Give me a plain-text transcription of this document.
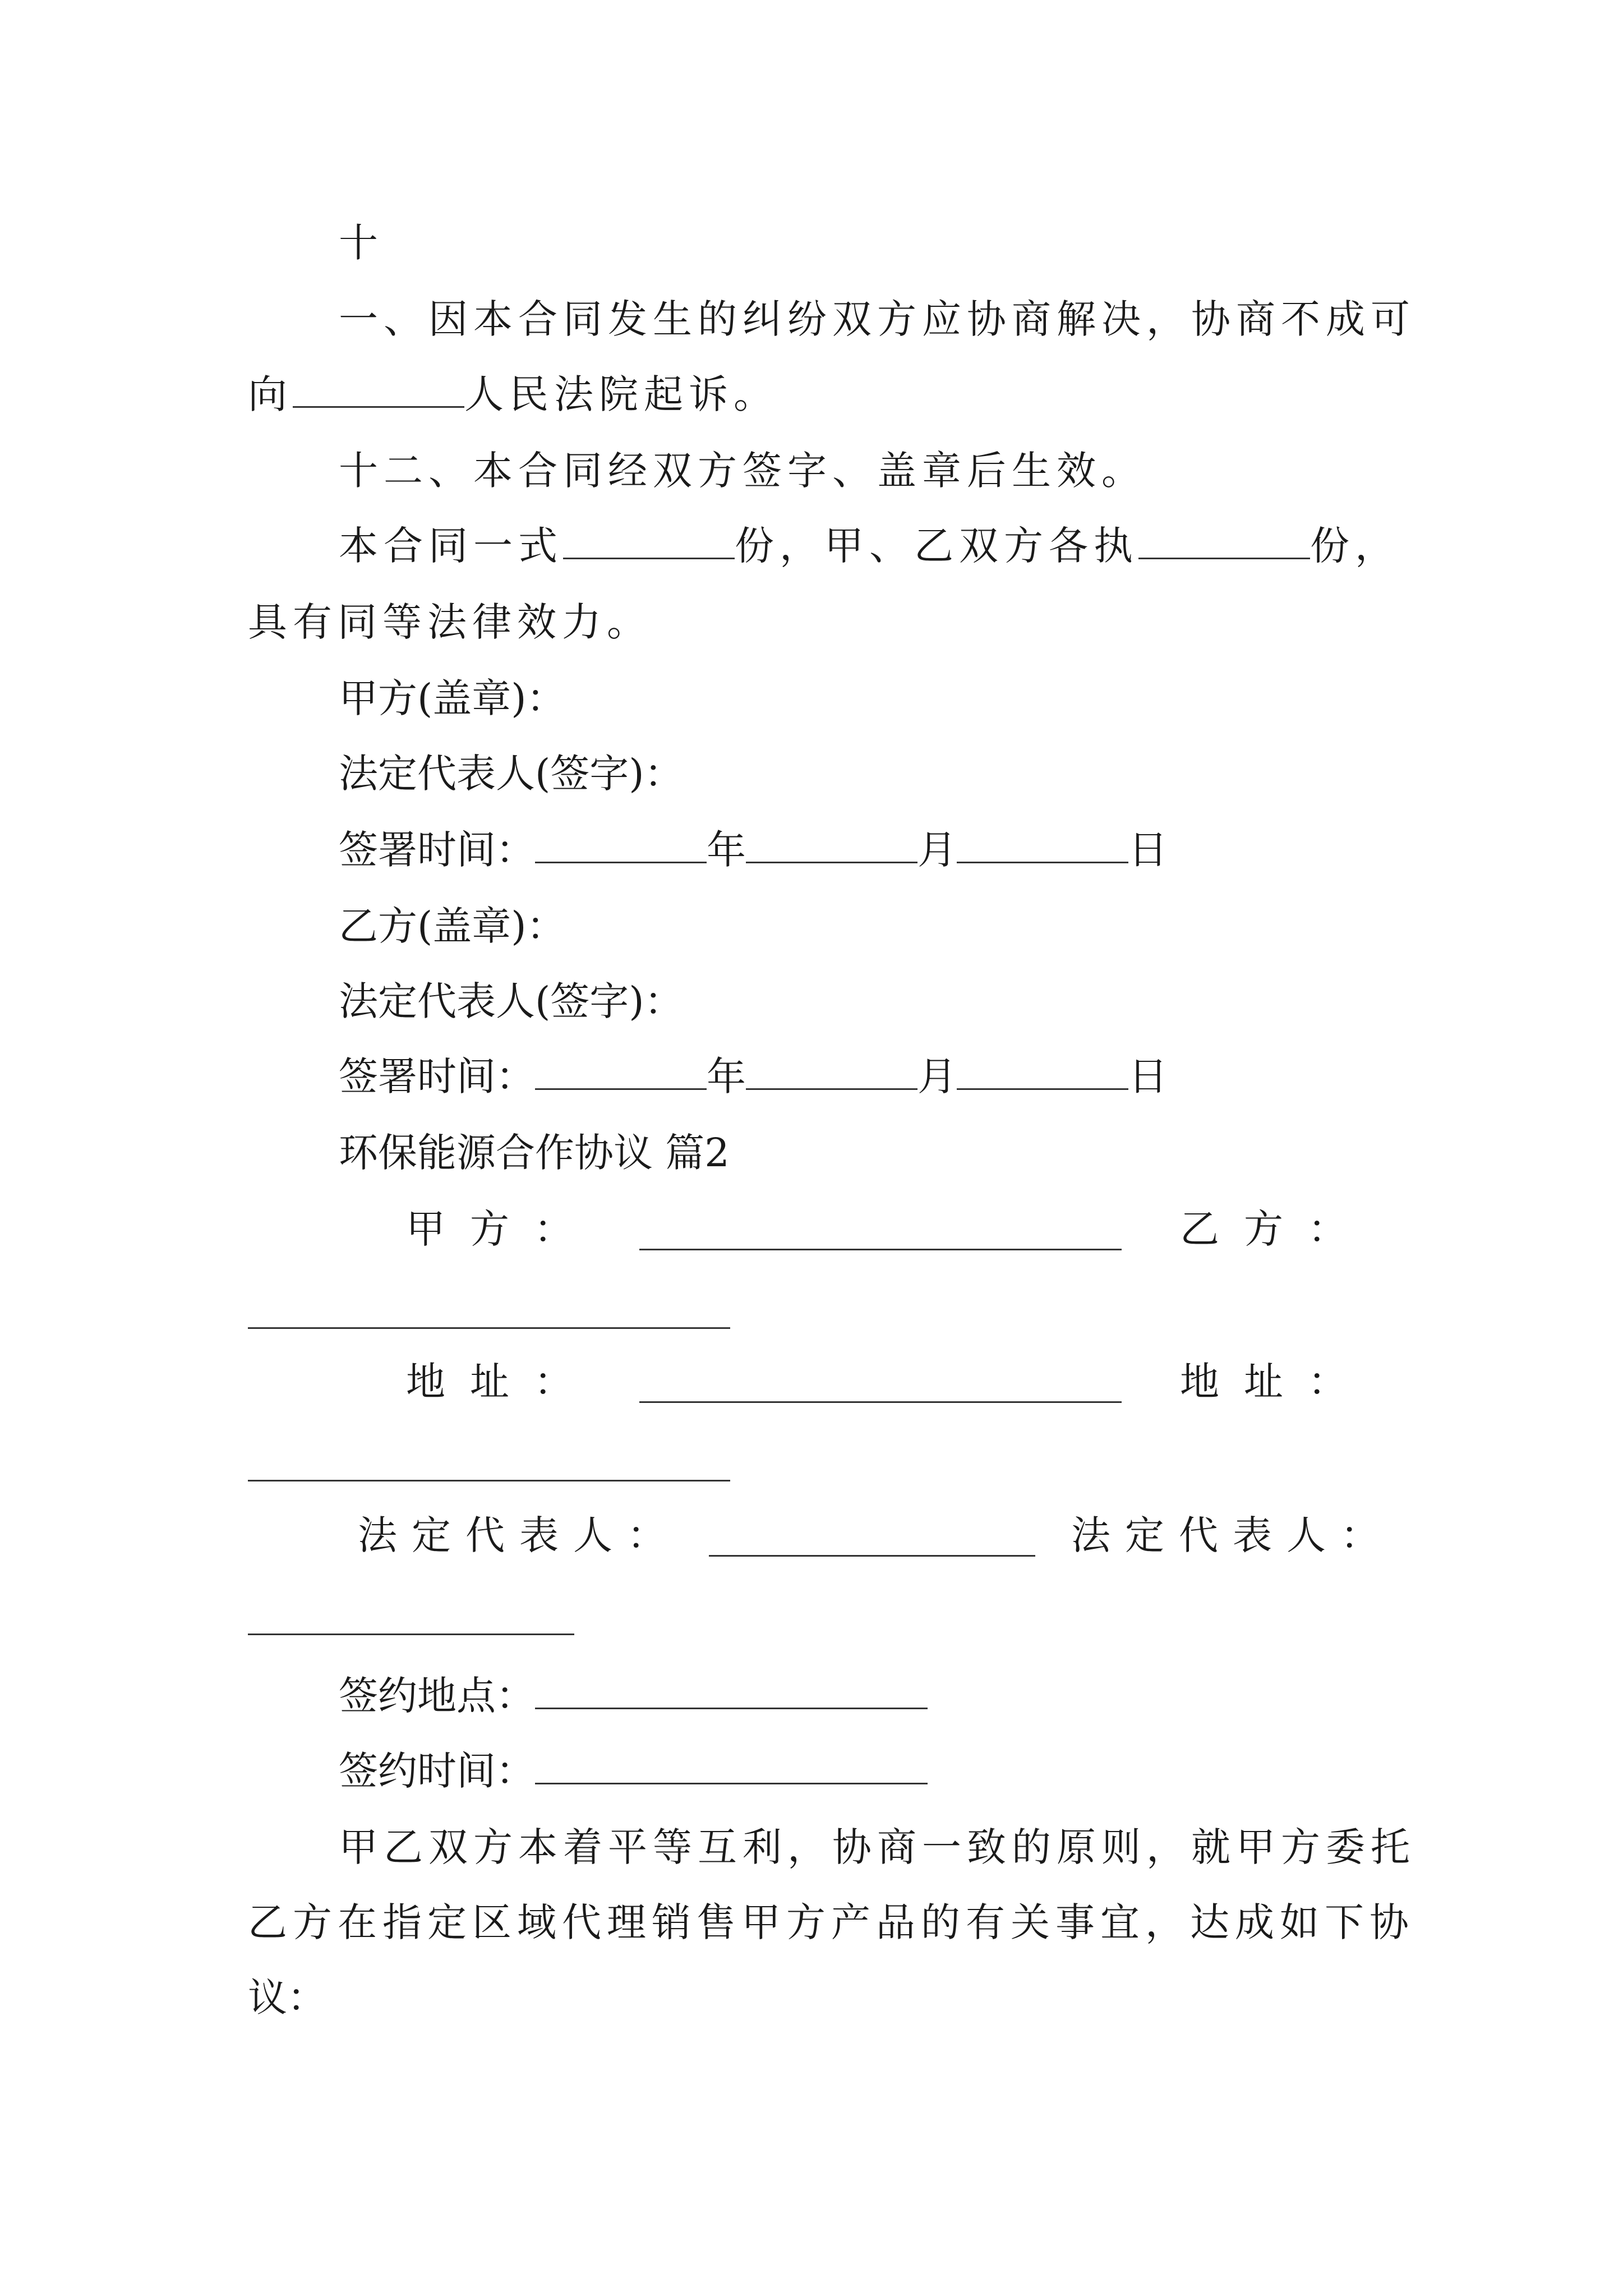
十
一、因本合同发生的纠纷双方应协商解决，协商不成可
向	人民法院起诉。
十二、本合同经双方签字、盖章后生效。
本合同一式	份，甲、乙双方各执	份，
具有同等法律效力。
甲方(盖章)：
法定代表人(签字)：
签署时间：	年	月	日
乙方(盖章)：
法定代表人(签字)：
签署时间：	年	月	日
环保能源合作协议 篇2
甲方：	乙方：
地址：	地址：
法定代表人：	法定代表人：
签约地点：
签约时间：
甲乙双方本着平等互利，协商一致的原则，就甲方委托
乙方在指定区域代理销售甲方产品的有关事宜，达成如下协
议：
